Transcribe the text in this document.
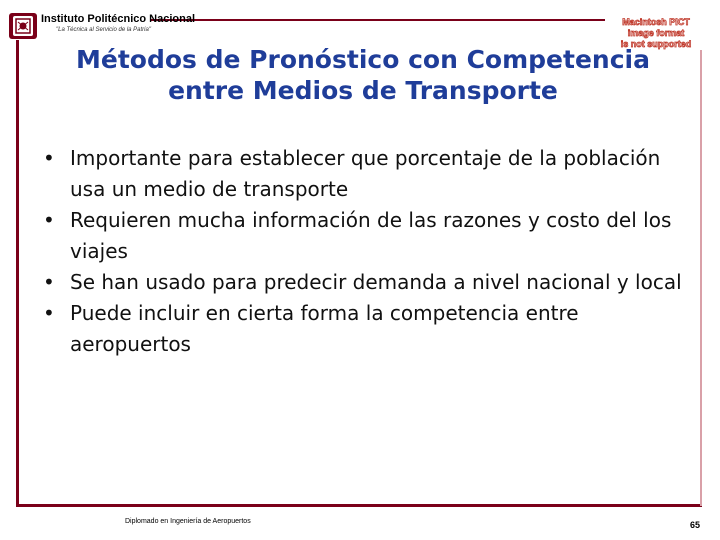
Instituto Politécnico Nacional
"La Técnica al Servicio de la Patria"
Macintosh PICT
image format
is not supported
Métodos de Pronóstico con Competencia
entre Medios de Transporte
• Importante para establecer que porcentaje de la población usa un medio de transporte
• Requieren mucha información de las razones y costo del los viajes
• Se han usado para predecir demanda a nivel nacional y local
• Puede incluir en cierta forma la competencia entre aeropuertos
Diplomado en Ingeniería de Aeropuertos	65
